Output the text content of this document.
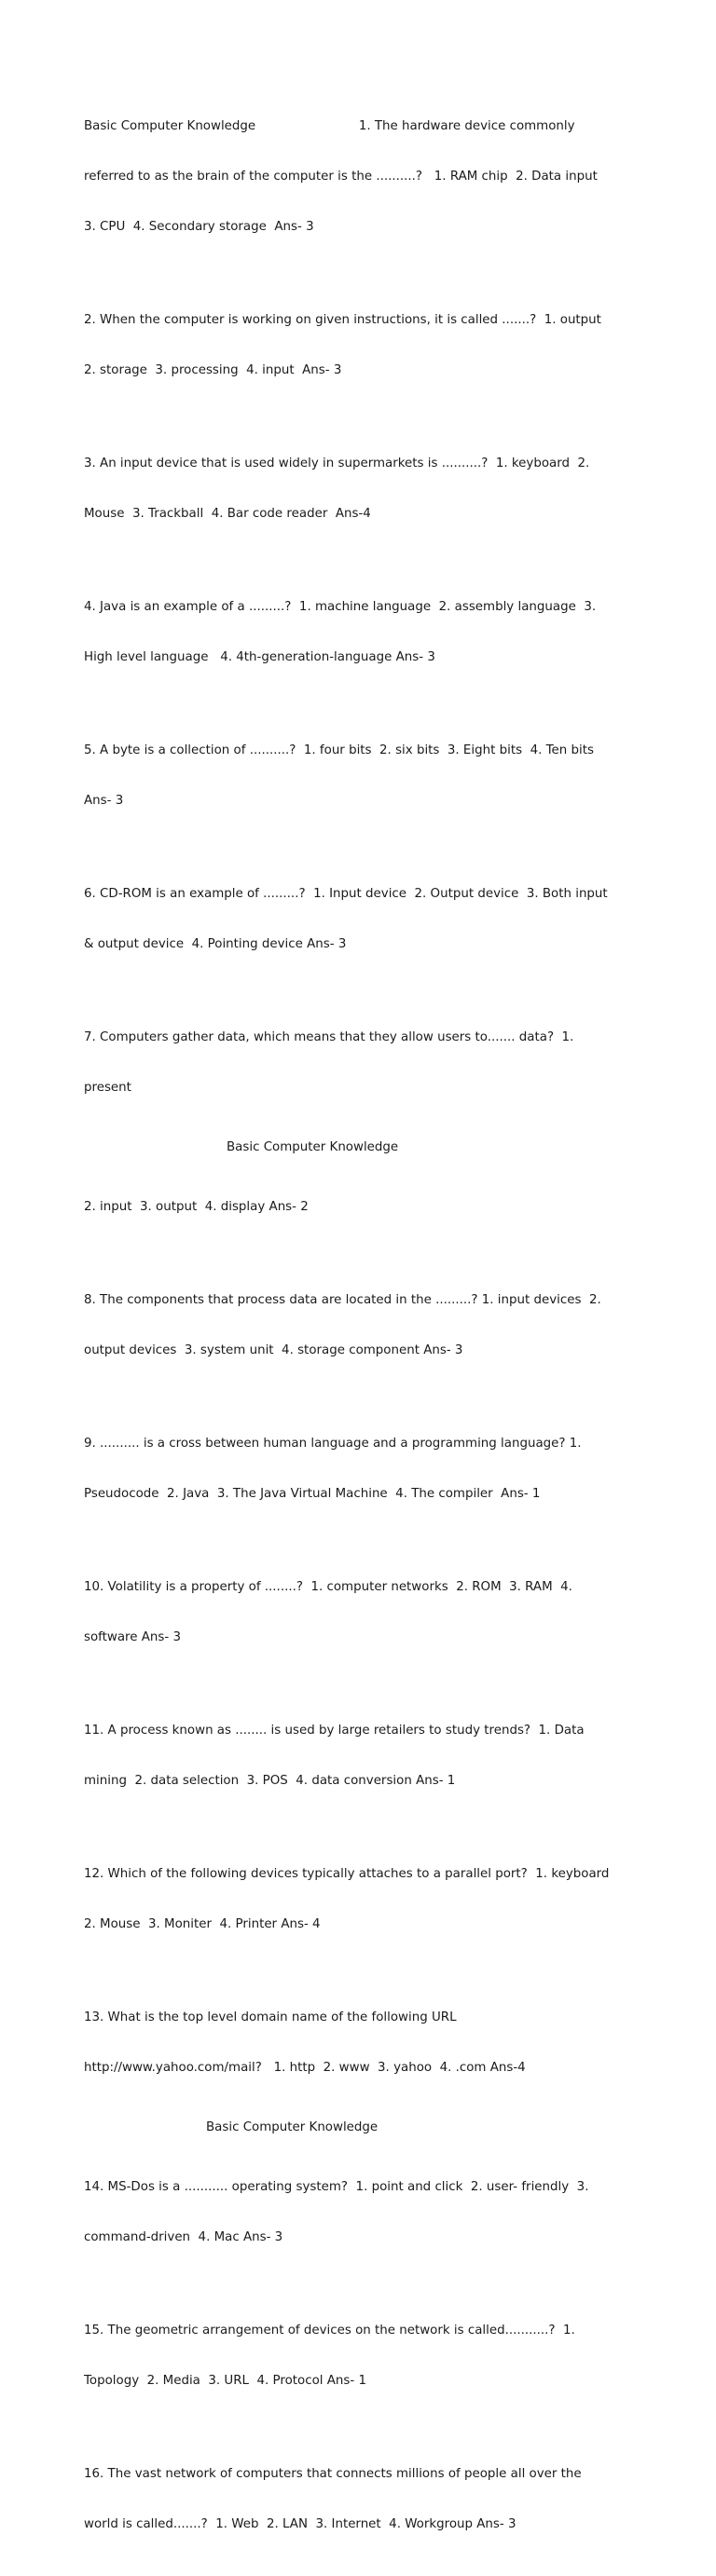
Basic Computer Knowledge	1. The hardware device commonly

referred to as the brain of the computer is the ..........?   1. RAM chip  2. Data input

3. CPU  4. Secondary storage  Ans- 3

2. When the computer is working on given instructions, it is called .......?  1. output

2. storage  3. processing  4. input  Ans- 3

3. An input device that is used widely in supermarkets is ..........?  1. keyboard  2.

Mouse  3. Trackball  4. Bar code reader  Ans-4

4. Java is an example of a .........?  1. machine language  2. assembly language  3.

High level language   4. 4th-generation-language Ans- 3

5. A byte is a collection of ..........?  1. four bits  2. six bits  3. Eight bits  4. Ten bits

Ans- 3

6. CD-ROM is an example of .........?  1. Input device  2. Output device  3. Both input

& output device  4. Pointing device Ans- 3

7. Computers gather data, which means that they allow users to....... data?  1.

present

Basic Computer Knowledge

2. input  3. output  4. display Ans- 2

8. The components that process data are located in the .........? 1. input devices  2.

output devices  3. system unit  4. storage component Ans- 3

9. .......... is a cross between human language and a programming language? 1.

Pseudocode  2. Java  3. The Java Virtual Machine  4. The compiler  Ans- 1

10. Volatility is a property of ........?  1. computer networks  2. ROM  3. RAM  4.

software Ans- 3

11. A process known as ........ is used by large retailers to study trends?  1. Data

mining  2. data selection  3. POS  4. data conversion Ans- 1

12. Which of the following devices typically attaches to a parallel port?  1. keyboard

2. Mouse  3. Moniter  4. Printer Ans- 4

13. What is the top level domain name of the following URL

http://www.yahoo.com/mail?   1. http  2. www  3. yahoo  4. .com Ans-4

Basic Computer Knowledge

14. MS-Dos is a ........... operating system?  1. point and click  2. user- friendly  3.

command-driven  4. Mac Ans- 3

15. The geometric arrangement of devices on the network is called...........?  1.

Topology  2. Media  3. URL  4. Protocol Ans- 1

16. The vast network of computers that connects millions of people all over the

world is called.......?  1. Web  2. LAN  3. Internet  4. Workgroup Ans- 3
